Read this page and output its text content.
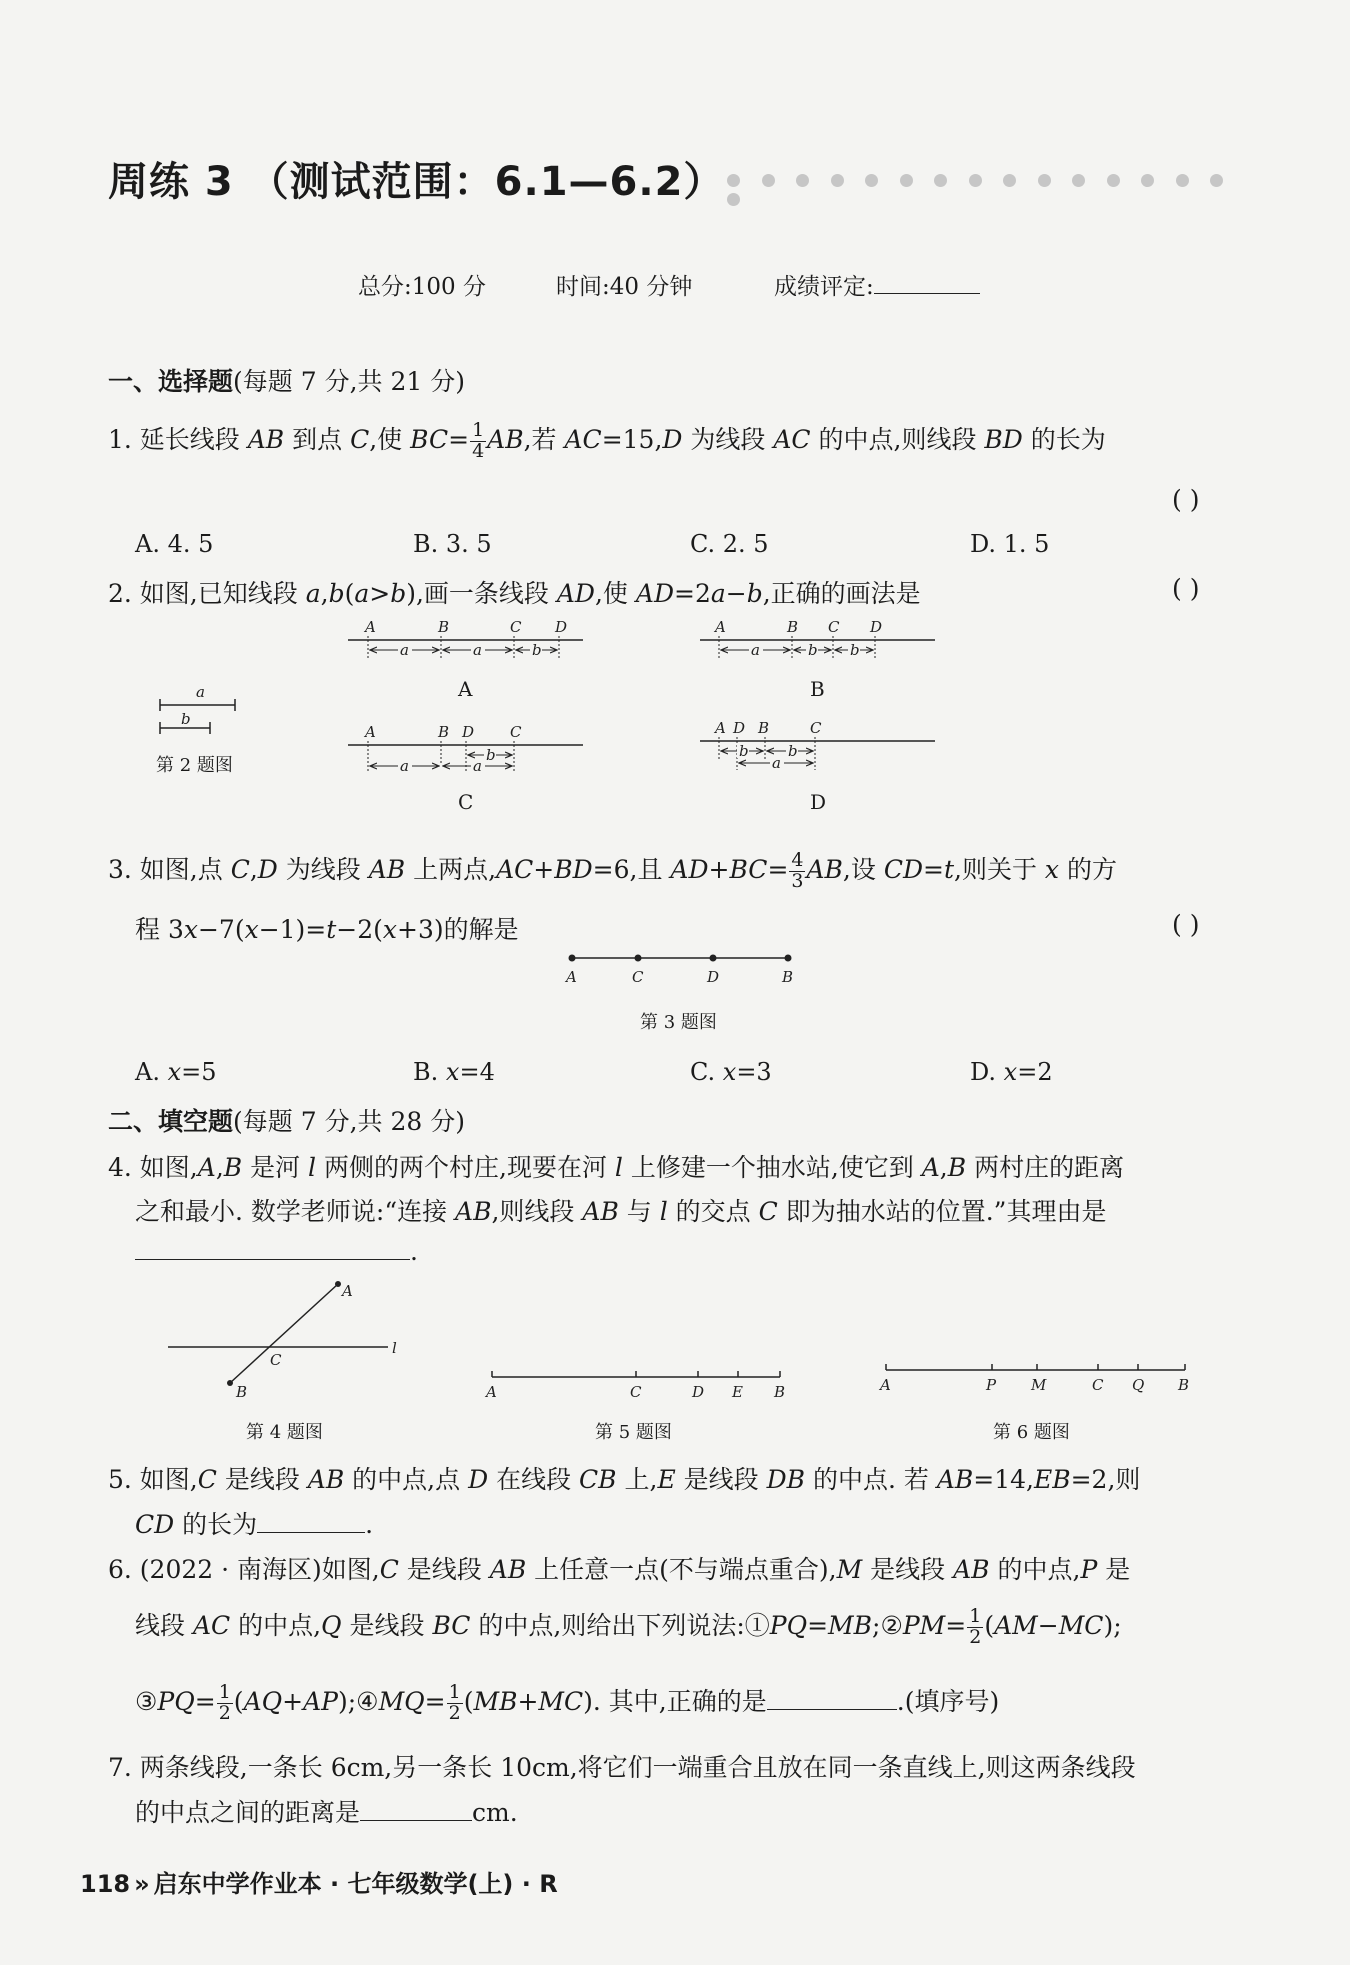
周练 3 （测试范围：6.1—6.2）
总分:100 分	时间:40 分钟	成绩评定:
一、选择题(每题 7 分,共 21 分)
1. 延长线段 AB 到点 C,使 $BC= \frac{1}{4}$ AB,若 AC=15,D 为线段 AC 的中点,则线段 BD 的长为
( )
A. 4. 5	B. 3. 5	C. 2. 5	D. 1. 5
2. 如图,已知线段 a,b(a>b),画一条线段 AD,使 AD=2a−b,正确的画法是	( )
a
b
A	B	C D
a	a	b
A	B C D
a	b b
A	B D C
b
a	a
A D B	C
b	b
a
A	C	D	B
A
B
C
l
A	C	D E B	A	P M	C Q B
A	B
C	D
第 2 题图
3. 如图,点 C,D 为线段 AB 上两点,AC+BD=6,且 $AD+BC= \frac{4}{3}$ AB,设 CD=t,则关于 x 的方
程 3x−7(x−1)=t−2(x+3)的解是	( )
第 3 题图
A. x=5	B. x=4	C. x=3	D. x=2
二、填空题(每题 7 分,共 28 分)
4. 如图,A,B 是河 l 两侧的两个村庄,现要在河 l 上修建一个抽水站,使它到 A,B 两村庄的距离
之和最小. 数学老师说:“连接 AB,则线段 AB 与 l 的交点 C 即为抽水站的位置.”其理由是
.
第 4 题图	第 5 题图	第 6 题图
5. 如图,C 是线段 AB 的中点,点 D 在线段 CB 上,E 是线段 DB 的中点. 若 AB=14,EB=2,则
CD 的长为	.
6. (2022 · 南海区)如图,C 是线段 AB 上任意一点(不与端点重合),M 是线段 AB 的中点,P 是
线段 AC 的中点,Q 是线段 BC 的中点,则给出下列说法:①PQ=MB;②PM= $\frac{1}{2} (AM-MC)$;
③PQ= $\frac{1}{2}$ (AQ+AP);④MQ= $\frac{1}{2} (MB+MC)$. 其中,正确的是	.(填序号)
7. 两条线段,一条长 6cm,另一条长 10cm,将它们一端重合且放在同一条直线上,则这两条线段
的中点之间的距离是	cm.
118 » 启东中学作业本 · 七年级数学(上) · R
